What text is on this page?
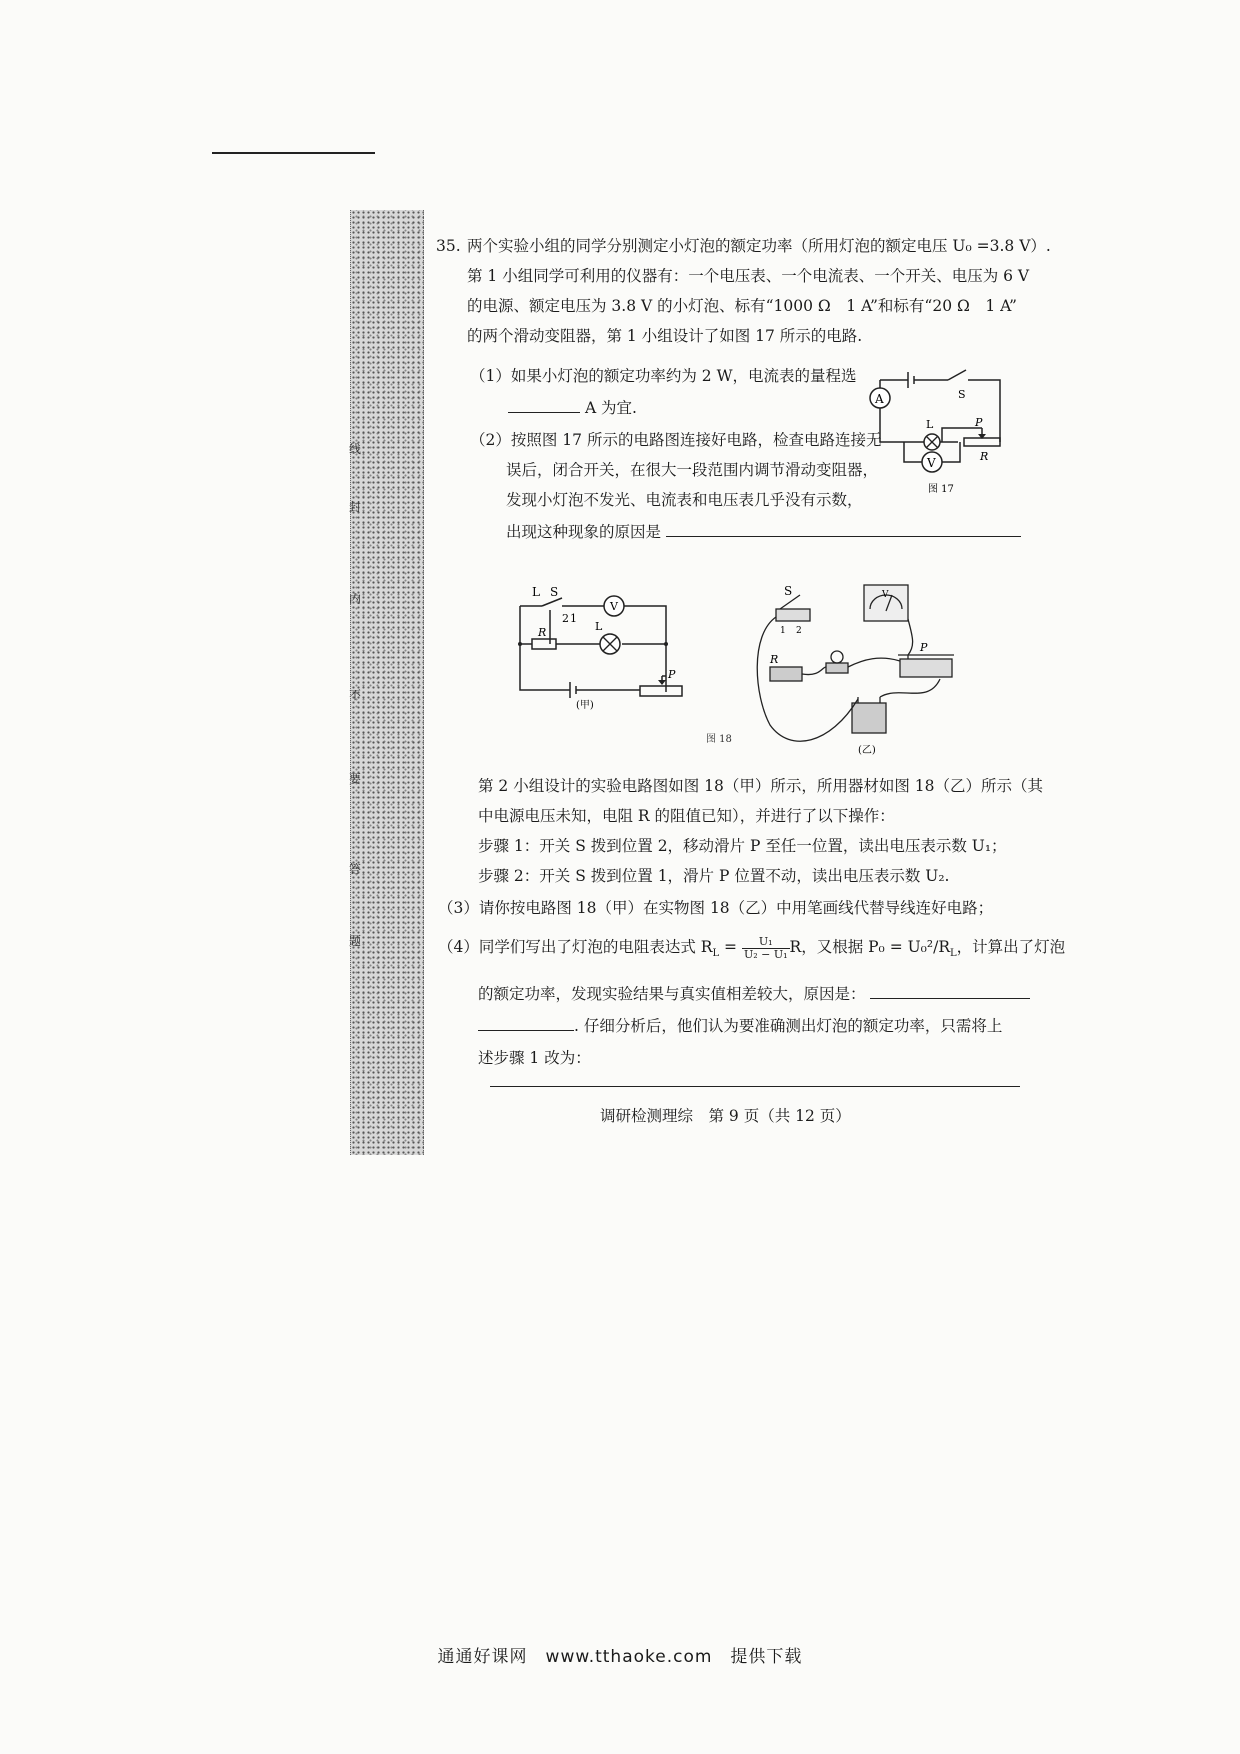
线
封
内
不
要
答
题
35. 两个实验小组的同学分别测定小灯泡的额定功率（所用灯泡的额定电压 U₀ =3.8 V）.
第 1 小组同学可利用的仪器有：一个电压表、一个电流表、一个开关、电压为 6 V
的电源、额定电压为 3.8 V 的小灯泡、标有“1000 Ω　1 A”和标有“20 Ω　1 A”
的两个滑动变阻器，第 1 小组设计了如图 17 所示的电路.
（1）如果小灯泡的额定功率约为 2 W，电流表的量程选
A 为宜.
（2）按照图 17 所示的电路图连接好电路，检查电路连接无
误后，闭合开关，在很大一段范围内调节滑动变阻器，
发现小灯泡不发光、电流表和电压表几乎没有示数，
出现这种现象的原因是
A
V
L
S
P
R
图 17
L S
1
2
V
L
R
P
(甲)
S
1 2
V
R
P
(乙)
图 18
第 2 小组设计的实验电路图如图 18（甲）所示，所用器材如图 18（乙）所示（其
中电源电压未知，电阻 R 的阻值已知），并进行了以下操作：
步骤 1：开关 S 拨到位置 2，移动滑片 P 至任一位置，读出电压表示数 U₁；
步骤 2：开关 S 拨到位置 1，滑片 P 位置不动，读出电压表示数 U₂.
（3）请你按电路图 18（甲）在实物图 18（乙）中用笔画线代替导线连好电路；
（4）同学们写出了灯泡的电阻表达式 $R_L = \frac{\text{U₁}}{\text{U₂ − U₁}}$ R，又根据 P₀ = U₀²/$R_L$，计算出了灯泡
的额定功率，发现实验结果与真实值相差较大，原因是：
. 仔细分析后，他们认为要准确测出灯泡的额定功率，只需将上
述步骤 1 改为：
调研检测理综　第 9 页（共 12 页）
通通好课网　www.tthaoke.com　提供下载
